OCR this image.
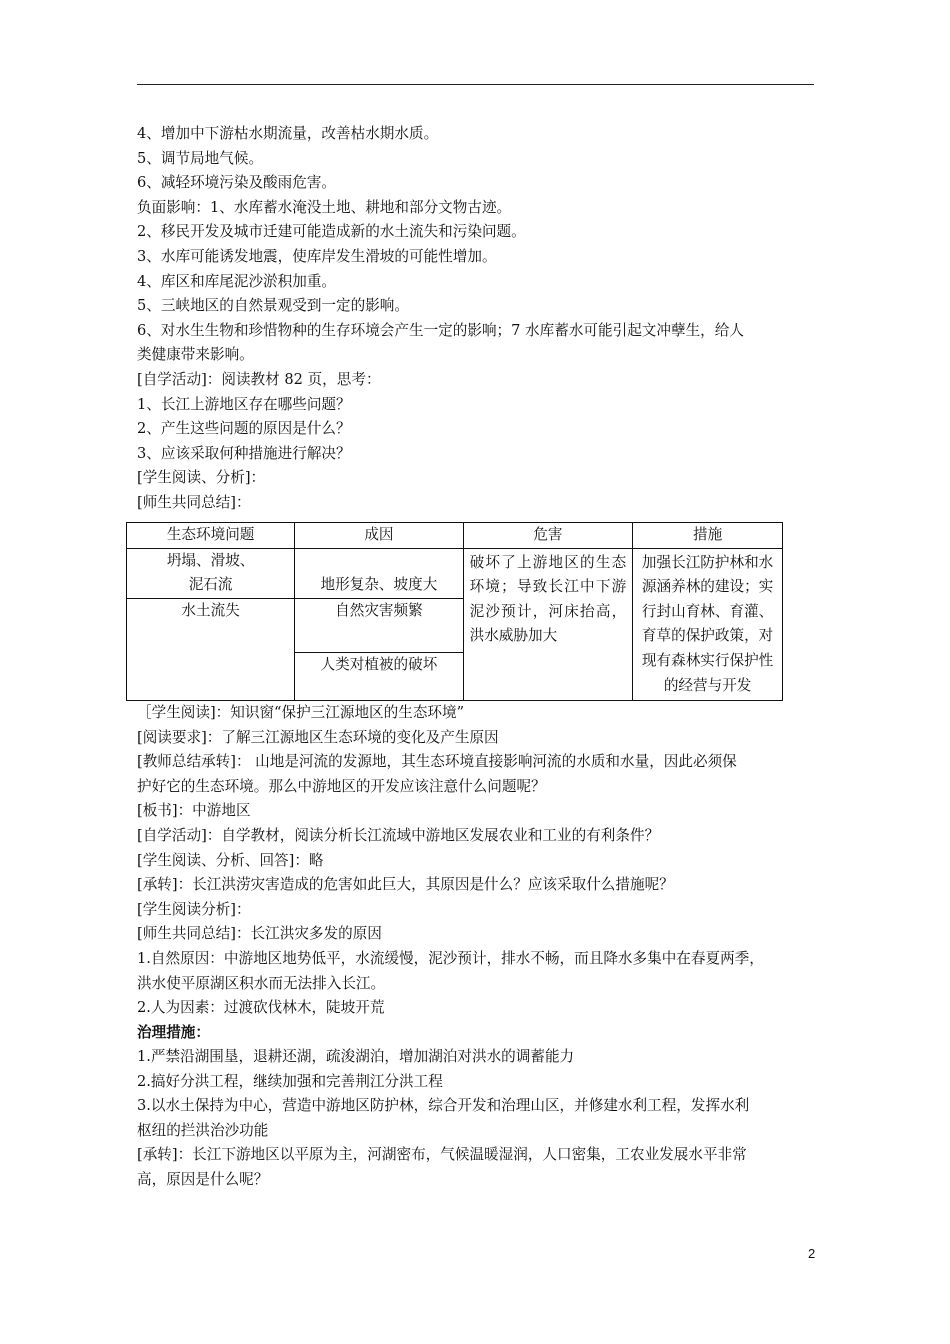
4、增加中下游枯水期流量，改善枯水期水质。
5、调节局地气候。
6、减轻环境污染及酸雨危害。
负面影响：1、水库蓄水淹没土地、耕地和部分文物古迹。
2、移民开发及城市迁建可能造成新的水土流失和污染问题。
3、水库可能诱发地震，使库岸发生滑坡的可能性增加。
4、库区和库尾泥沙淤积加重。
5、三峡地区的自然景观受到一定的影响。
6、对水生生物和珍惜物种的生存环境会产生一定的影响；7 水库蓄水可能引起文冲孽生，给人
类健康带来影响。
[自学活动]：阅读教材 82 页，思考：
1、长江上游地区存在哪些问题？
2、产生这些问题的原因是什么？
3、应该采取何种措施进行解决？
[学生阅读、分析]：
[师生共同总结]：
生态环境问题	成因	危害	措施
坍塌、滑坡、泥石流	地形复杂、坡度大	破坏了上游地区的生态环境；导致长江中下游泥沙预计，河床抬高，洪水威胁加大	加强长江防护林和水源涵养林的建设；实行封山育林、育灌、育草的保护政策，对现有森林实行保护性的经营与开发
水土流失	自然灾害频繁		
	人类对植被的破坏		
［学生阅读]：知识窗“保护三江源地区的生态环境”
[阅读要求]：了解三江源地区生态环境的变化及产生原因
[教师总结承转]： 山地是河流的发源地，其生态环境直接影响河流的水质和水量，因此必须保
护好它的生态环境。那么中游地区的开发应该注意什么问题呢？
[板书]：中游地区
[自学活动]：自学教材，阅读分析长江流域中游地区发展农业和工业的有利条件？
[学生阅读、分析、回答]：略
[承转]：长江洪涝灾害造成的危害如此巨大，其原因是什么？应该采取什么措施呢？
[学生阅读分析]：
[师生共同总结]：长江洪灾多发的原因
1.自然原因：中游地区地势低平，水流缓慢，泥沙预计，排水不畅，而且降水多集中在春夏两季，
洪水使平原湖区积水而无法排入长江。
2.人为因素：过渡砍伐林木，陡坡开荒
治理措施：
1.严禁沿湖围垦，退耕还湖，疏浚湖泊，增加湖泊对洪水的调蓄能力
2.搞好分洪工程，继续加强和完善荆江分洪工程
3.以水土保持为中心，营造中游地区防护林，综合开发和治理山区，并修建水利工程，发挥水利
枢纽的拦洪治沙功能
[承转]：长江下游地区以平原为主，河湖密布，气候温暖湿润，人口密集，工农业发展水平非常
高，原因是什么呢？
2
